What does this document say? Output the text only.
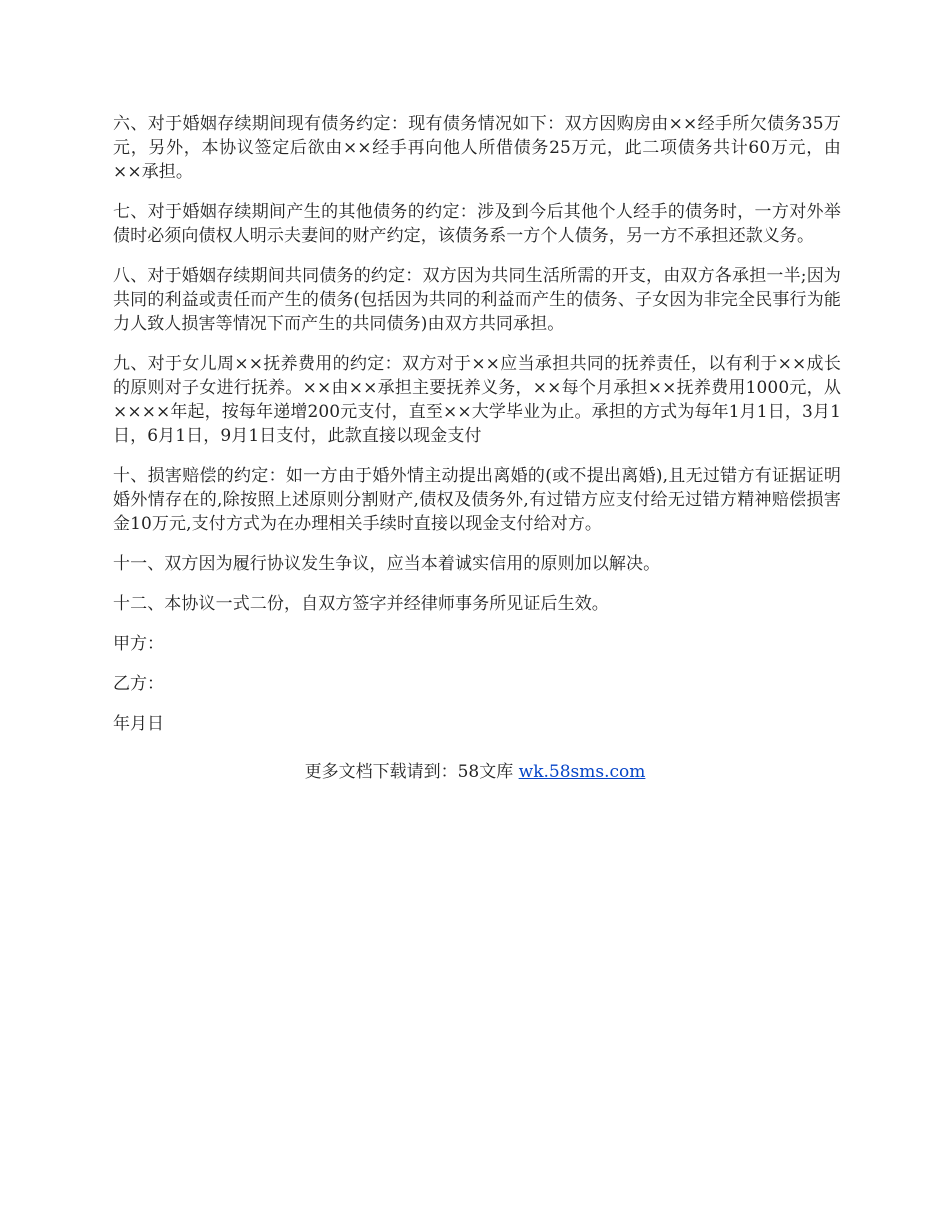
六、对于婚姻存续期间现有债务约定：现有债务情况如下：双方因购房由××经手所欠债务35万元，另外，本协议签定后欲由××经手再向他人所借债务25万元，此二项债务共计60万元，由××承担。

七、对于婚姻存续期间产生的其他债务的约定：涉及到今后其他个人经手的债务时，一方对外举债时必须向债权人明示夫妻间的财产约定，该债务系一方个人债务，另一方不承担还款义务。

八、对于婚姻存续期间共同债务的约定：双方因为共同生活所需的开支，由双方各承担一半;因为共同的利益或责任而产生的债务(包括因为共同的利益而产生的债务、子女因为非完全民事行为能力人致人损害等情况下而产生的共同债务)由双方共同承担。

九、对于女儿周××抚养费用的约定：双方对于××应当承担共同的抚养责任，以有利于××成长的原则对子女进行抚养。××由××承担主要抚养义务，××每个月承担××抚养费用1000元，从××××年起，按每年递增200元支付，直至××大学毕业为止。承担的方式为每年1月1日，3月1日，6月1日，9月1日支付，此款直接以现金支付

十、损害赔偿的约定：如一方由于婚外情主动提出离婚的(或不提出离婚),且无过错方有证据证明婚外情存在的,除按照上述原则分割财产,债权及债务外,有过错方应支付给无过错方精神赔偿损害金10万元,支付方式为在办理相关手续时直接以现金支付给对方。

十一、双方因为履行协议发生争议，应当本着诚实信用的原则加以解决。

十二、本协议一式二份，自双方签字并经律师事务所见证后生效。

甲方：

乙方：

年月日

更多文档下载请到：58文库 wk.58sms.com
